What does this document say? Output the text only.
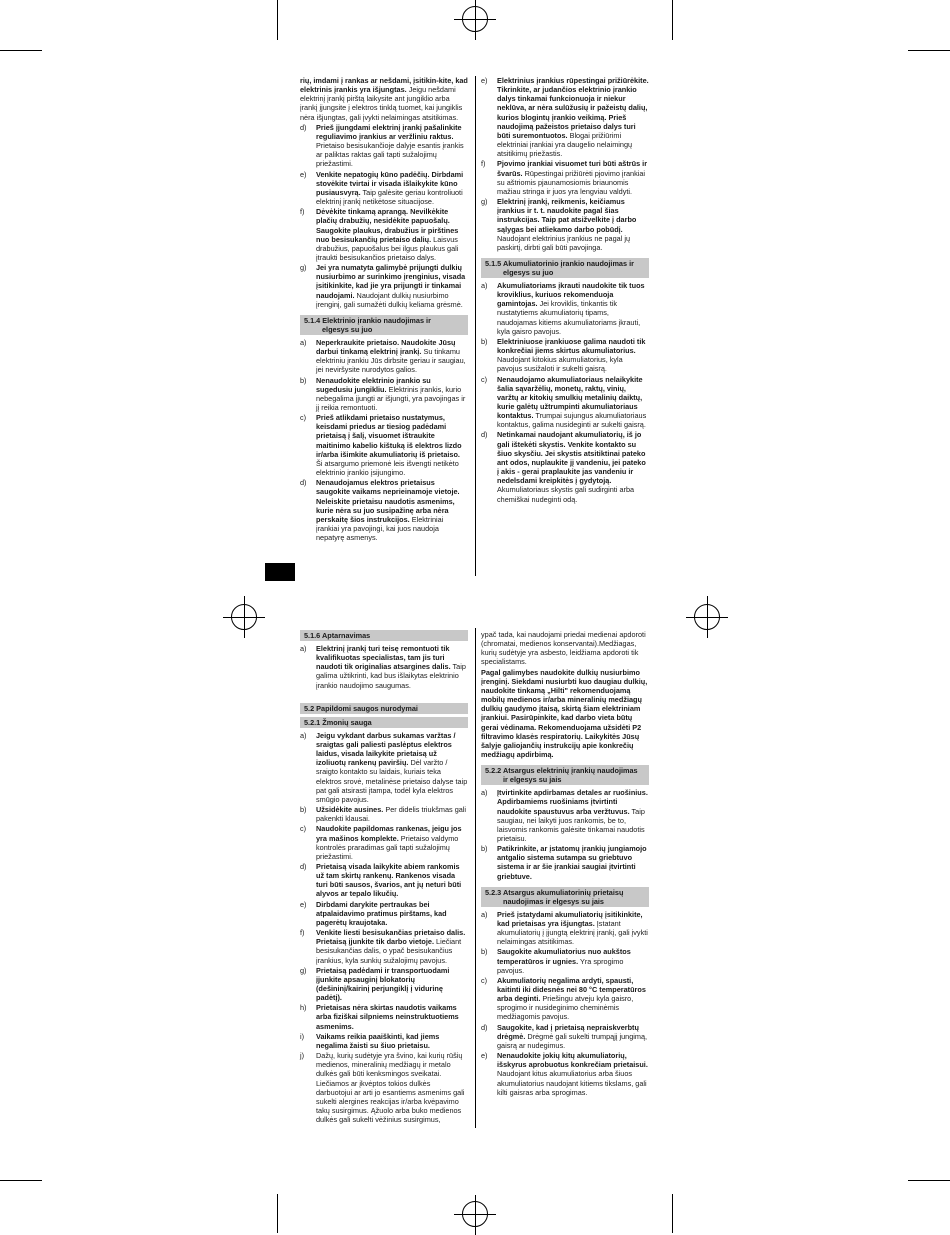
rių, imdami į rankas ar nešdami, įsitikin-kite, kad elektrinis įrankis yra išjungtas. Jeigu nešdami elektrinį įrankį pirštą laikysite ant jungiklio arba įrankį įjungsite į elektros tinklą tuomet, kai jungiklis nėra išjungtas, gali įvykti nelaimingas atsitikimas.
d) Prieš įjungdami elektrinį įrankį pašalinkite reguliavimo įrankius ar veržliniu raktus. Prietaiso besisukančioje dalyje esantis įrankis ar paliktas raktas gali tapti sužalojimų priežastimi.
e) Venkite nepatogių kūno padėčių. Dirbdami stovėkite tvirtai ir visada išlaikykite kūno pusiausvyrą. Taip galėsite geriau kontroliuoti elektrinį įrankį netikėtose situacijose.
f) Dėvėkite tinkamą aprangą. Nevilkėkite plačių drabužių, nesidėkite papuošalų. Saugokite plaukus, drabužius ir pirštines nuo besisukančių prietaiso dalių. Laisvus drabužius, papuošalus bei ilgus plaukus gali įtraukti besisukančios prietaiso dalys.
g) Jei yra numatyta galimybė prijungti dulkių nusiurbimo ar surinkimo įrenginius, visada įsitikinkite, kad jie yra prijungti ir tinkamai naudojami. Naudojant dulkių nusiurbimo įrenginį, gali sumažėti dulkių keliama grėsmė.
5.1.4 Elektrinio įrankio naudojimas ir
elgesys su juo
a) Neperkraukite prietaiso. Naudokite Jūsų darbui tinkamą elektrinį įrankį. Su tinkamu elektriniu įrankiu Jūs dirbsite geriau ir saugiau, jei neviršysite nurodytos galios.
b) Nenaudokite elektrinio įrankio su sugedusiu jungikliu. Elektrinis įrankis, kurio nebegalima įjungti ar išjungti, yra pavojingas ir jį reikia remontuoti.
c) Prieš atlikdami prietaiso nustatymus, keisdami priedus ar tiesiog padėdami prietaisą į šalį, visuomet ištraukite maitinimo kabelio kištuką iš elektros lizdo ir/arba išimkite akumuliatorių iš prietaiso. Ši atsargumo priemonė leis išvengti netikėto elektrinio įrankio įsijungimo.
d) Nenaudojamus elektros prietaisus saugokite vaikams neprieinamoje vietoje. Neleiskite prietaisu naudotis asmenims, kurie nėra su juo susipažinę arba nėra perskaitę šios instrukcijos. Elektriniai įrankiai yra pavojingi, kai juos naudoja nepatyrę asmenys.
e) Elektrinius įrankius rūpestingai prižiūrėkite. Tikrinkite, ar judančios elektrinio įrankio dalys tinkamai funkcionuoja ir niekur neklūva, ar nėra sulūžusių ir pažeistų dalių, kurios blogintų įrankio veikimą. Prieš naudojimą pažeistos prietaiso dalys turi būti suremontuotos. Blogai prižiūrimi elektriniai įrankiai yra daugelio nelaimingų atsitikimų priežastis.
f) Pjovimo įrankiai visuomet turi būti aštrūs ir švarūs. Rūpestingai prižiūrėti pjovimo įrankiai su aštriomis pjaunamosiomis briaunomis mažiau stringa ir juos yra lengviau valdyti.
g) Elektrinį įrankį, reikmenis, keičiamus įrankius ir t. t. naudokite pagal šias instrukcijas. Taip pat atsižvelkite į darbo sąlygas bei atliekamo darbo pobūdį. Naudojant elektrinius įrankius ne pagal jų paskirtį, dirbti gali būti pavojinga.
5.1.5 Akumuliatorinio įrankio naudojimas ir
elgesys su juo
a) Akumuliatoriams įkrauti naudokite tik tuos kroviklius, kuriuos rekomenduoja gamintojas. Jei kroviklis, tinkantis tik nustatytiems akumuliatorių tipams, naudojamas kitiems akumuliatoriams įkrauti, kyla gaisro pavojus.
b) Elektriniuose įrankiuose galima naudoti tik konkrečiai jiems skirtus akumuliatorius. Naudojant kitokius akumuliatorius, kyla pavojus susižaloti ir sukelti gaisrą.
c) Nenaudojamo akumuliatoriaus nelaikykite šalia sąvaržėlių, monetų, raktų, vinių, varžtų ar kitokių smulkių metalinių daiktų, kurie galėtų užtrumpinti akumuliatoriaus kontaktus. Trumpai sujungus akumuliatoriaus kontaktus, galima nusideginti ar sukelti gaisrą.
d) Netinkamai naudojant akumuliatorių, iš jo gali ištekėti skystis. Venkite kontakto su šiuo skysčiu. Jei skystis atsitiktinai pateko ant odos, nuplaukite jį vandeniu, jei pateko į akis - gerai praplaukite jas vandeniu ir nedelsdami kreipkitės į gydytoją. Akumuliatoriaus skystis gali sudirginti arba chemiškai nudeginti odą.
5.1.6 Aptarnavimas
a) Elektrinį įrankį turi teisę remontuoti tik kvalifikuotas specialistas, tam jis turi naudoti tik originalias atsargines dalis. Taip galima užtikrinti, kad bus išlaikytas elektrinio įrankio naudojimo saugumas.
5.2 Papildomi saugos nurodymai
5.2.1 Žmonių sauga
a) Jeigu vykdant darbus sukamas varžtas / sraigtas gali paliesti paslėptus elektros laidus, visada laikykite prietaisą už izoliuotų rankenų paviršių. Dėl varžto / sraigto kontakto su laidais, kuriais teka elektros srovė, metalinėse prietaiso dalyse taip pat gali atsirasti įtampa, todėl kyla elektros smūgio pavojus.
b) Užsidėkite ausines. Per didelis triukšmas gali pakenkti klausai.
c) Naudokite papildomas rankenas, jeigu jos yra mašinos komplekte. Prietaiso valdymo kontrolės praradimas gali tapti sužalojimų priežastimi.
d) Prietaisą visada laikykite abiem rankomis už tam skirtų rankenų. Rankenos visada turi būti sausos, švarios, ant jų neturi būti alyvos ar tepalo likučių.
e) Dirbdami darykite pertraukas bei atpalaidavimo pratimus pirštams, kad pagerėtų kraujotaka.
f) Venkite liesti besisukančias prietaiso dalis. Prietaisą įjunkite tik darbo vietoje. Liečiant besisukančias dalis, o ypač besisukančius įrankius, kyla sunkių sužalojimų pavojus.
g) Prietaisą padėdami ir transportuodami įjunkite apsauginį blokatorių (dešininį/kairinį perjungiklį į vidurinę padėtį).
h) Prietaisas nėra skirtas naudotis vaikams arba fiziškai silpniems neinstruktuotiems asmenims.
i) Vaikams reikia paaiškinti, kad jiems negalima žaisti su šiuo prietaisu.
j) Dažų, kurių sudėtyje yra švino, kai kurių rūšių medienos, mineralinių medžiagų ir metalo dulkės gali būti kenksmingos sveikatai. Liečiamos ar įkvėptos tokios dulkės darbuotojui ar arti jo esantiems asmenims gali sukelti alergines reakcijas ir/arba kvėpavimo takų susirgimus. Ąžuolo arba buko medienos dulkės gali sukelti vėžinius susirgimus,
ypač tada, kai naudojami priedai medienai apdoroti (chromatai, medienos konservantai).Medžiagas, kurių sudėtyje yra asbesto, leidžiama apdoroti tik specialistams.
Pagal galimybes naudokite dulkių nusiurbimo įrenginį. Siekdami nusiurbti kuo daugiau dulkių, naudokite tinkamą „Hilti" rekomenduojamą mobilų medienos ir/arba mineralinių medžiagų dulkių gaudymo įtaisą, skirtą šiam elektriniam įrankiui. Pasirūpinkite, kad darbo vieta būtų gerai vėdinama. Rekomenduojama užsidėti P2 filtravimo klasės respiratorių. Laikykitės Jūsų šalyje galiojančių instrukcijų apie konkrečių medžiagų apdirbimą.
5.2.2 Atsargus elektrinių įrankių naudojimas
ir elgesys su jais
a) Įtvirtinkite apdirbamas detales ar ruošinius. Apdirbamiems ruošiniams įtvirtinti naudokite spaustuvus arba veržtuvus. Taip saugiau, nei laikyti juos rankomis, be to, laisvomis rankomis galėsite tinkamai naudotis prietaisu.
b) Patikrinkite, ar įstatomų įrankių jungiamojo antgalio sistema sutampa su griebtuvo sistema ir ar šie įrankiai saugiai įtvirtinti griebtuve.
5.2.3 Atsargus akumuliatorinių prietaisų
naudojimas ir elgesys su jais
a) Prieš įstatydami akumuliatorių įsitikinkite, kad prietaisas yra išjungtas. Įstatant akumuliatorių į įjungtą elektrinį įrankį, gali įvykti nelaimingas atsitikimas.
b) Saugokite akumuliatorius nuo aukštos temperatūros ir ugnies. Yra sprogimo pavojus.
c) Akumuliatorių negalima ardyti, spausti, kaitinti iki didesnės nei 80 °C temperatūros arba deginti. Priešingu atveju kyla gaisro, sprogimo ir nusideginimo cheminėmis medžiagomis pavojus.
d) Saugokite, kad į prietaisą nepraiskverbtų drėgmė. Drėgmė gali sukelti trumpąjį jungimą, gaisrą ar nudegimus.
e) Nenaudokite jokių kitų akumuliatorių, išskyrus aprobuotus konkrečiam prietaisui. Naudojant kitus akumuliatorius arba šiuos akumuliatorius naudojant kitiems tikslams, gali kilti gaisras arba sprogimas.
